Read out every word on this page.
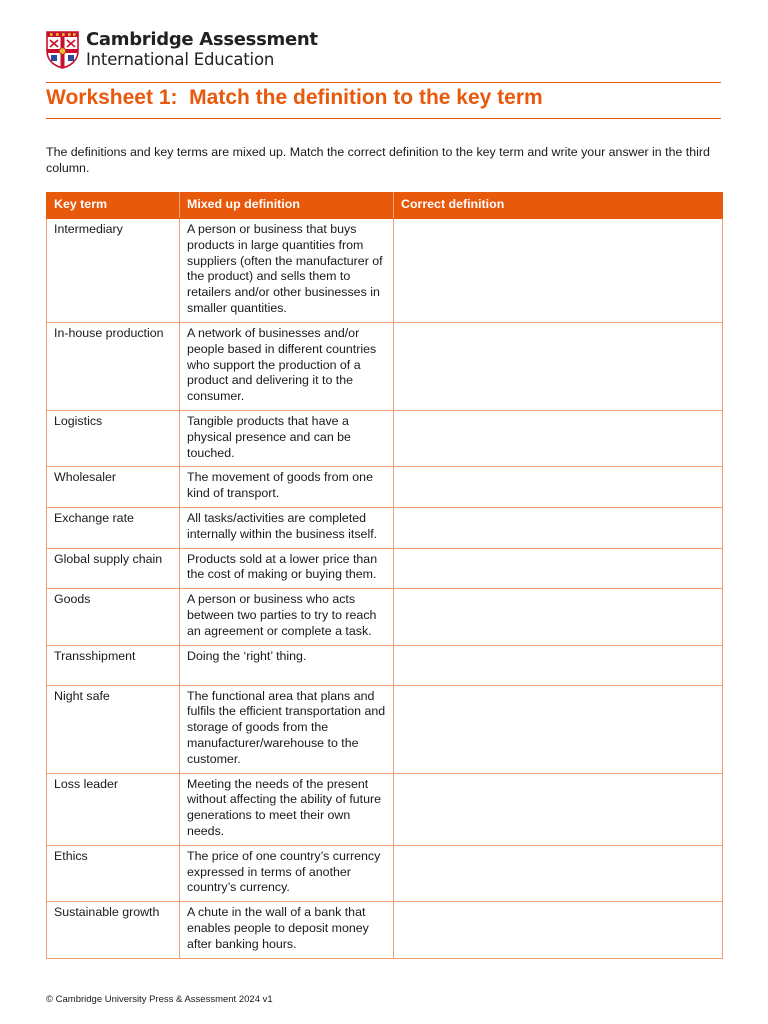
Cambridge Assessment
International Education
Worksheet 1:  Match the definition to the key term

The definitions and key terms are mixed up. Match the correct definition to the key term and write your answer in the third column.

Key term	Mixed up definition	Correct definition
Intermediary	A person or business that buys products in large quantities from suppliers (often the manufacturer of the product) and sells them to retailers and/or other businesses in smaller quantities.	
In-house production	A network of businesses and/or people based in different countries who support the production of a product and delivering it to the consumer.	
Logistics	Tangible products that have a physical presence and can be touched.	
Wholesaler	The movement of goods from one kind of transport.	
Exchange rate	All tasks/activities are completed internally within the business itself.	
Global supply chain	Products sold at a lower price than the cost of making or buying them.	
Goods	A person or business who acts between two parties to try to reach an agreement or complete a task.	
Transshipment	Doing the ‘right’ thing.	
Night safe	The functional area that plans and fulfils the efficient transportation and storage of goods from the manufacturer/warehouse to the customer.	
Loss leader	Meeting the needs of the present without affecting the ability of future generations to meet their own needs.	
Ethics	The price of one country’s currency expressed in terms of another country’s currency.	
Sustainable growth	A chute in the wall of a bank that enables people to deposit money after banking hours.	
© Cambridge University Press & Assessment 2024 v1
